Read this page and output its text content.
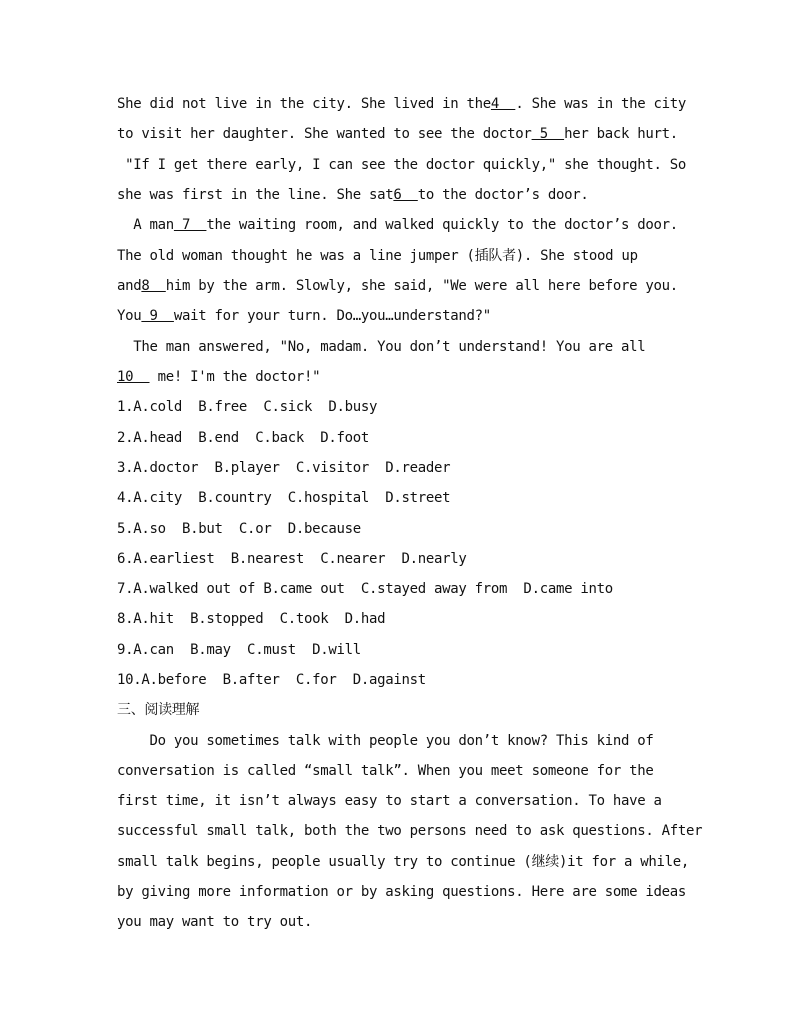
She did not live in the city. She lived in the4  . She was in the city
to visit her daughter. She wanted to see the doctor 5  her back hurt.
"If I get there early, I can see the doctor quickly," she thought. So
she was first in the line. She sat6  to the doctor’s door.
A man 7  the waiting room, and walked quickly to the doctor’s door.
The old woman thought he was a line jumper (插队者). She stood up
and8  him by the arm. Slowly, she said, "We were all here before you.
You 9  wait for your turn. Do…you…understand?"
The man answered, "No, madam. You don’t understand! You are all
10   me! I'm the doctor!"
1.A.cold  B.free  C.sick  D.busy
2.A.head  B.end  C.back  D.foot
3.A.doctor  B.player  C.visitor  D.reader
4.A.city  B.country  C.hospital  D.street
5.A.so  B.but  C.or  D.because
6.A.earliest  B.nearest  C.nearer  D.nearly
7.A.walked out of B.came out  C.stayed away from  D.came into
8.A.hit  B.stopped  C.took  D.had
9.A.can  B.may  C.must  D.will
10.A.before  B.after  C.for  D.against
三、阅读理解
Do you sometimes talk with people you don’t know? This kind of
conversation is called “small talk”. When you meet someone for the
first time, it isn’t always easy to start a conversation. To have a
successful small talk, both the two persons need to ask questions. After
small talk begins, people usually try to continue (继续)it for a while,
by giving more information or by asking questions. Here are some ideas
you may want to try out.
